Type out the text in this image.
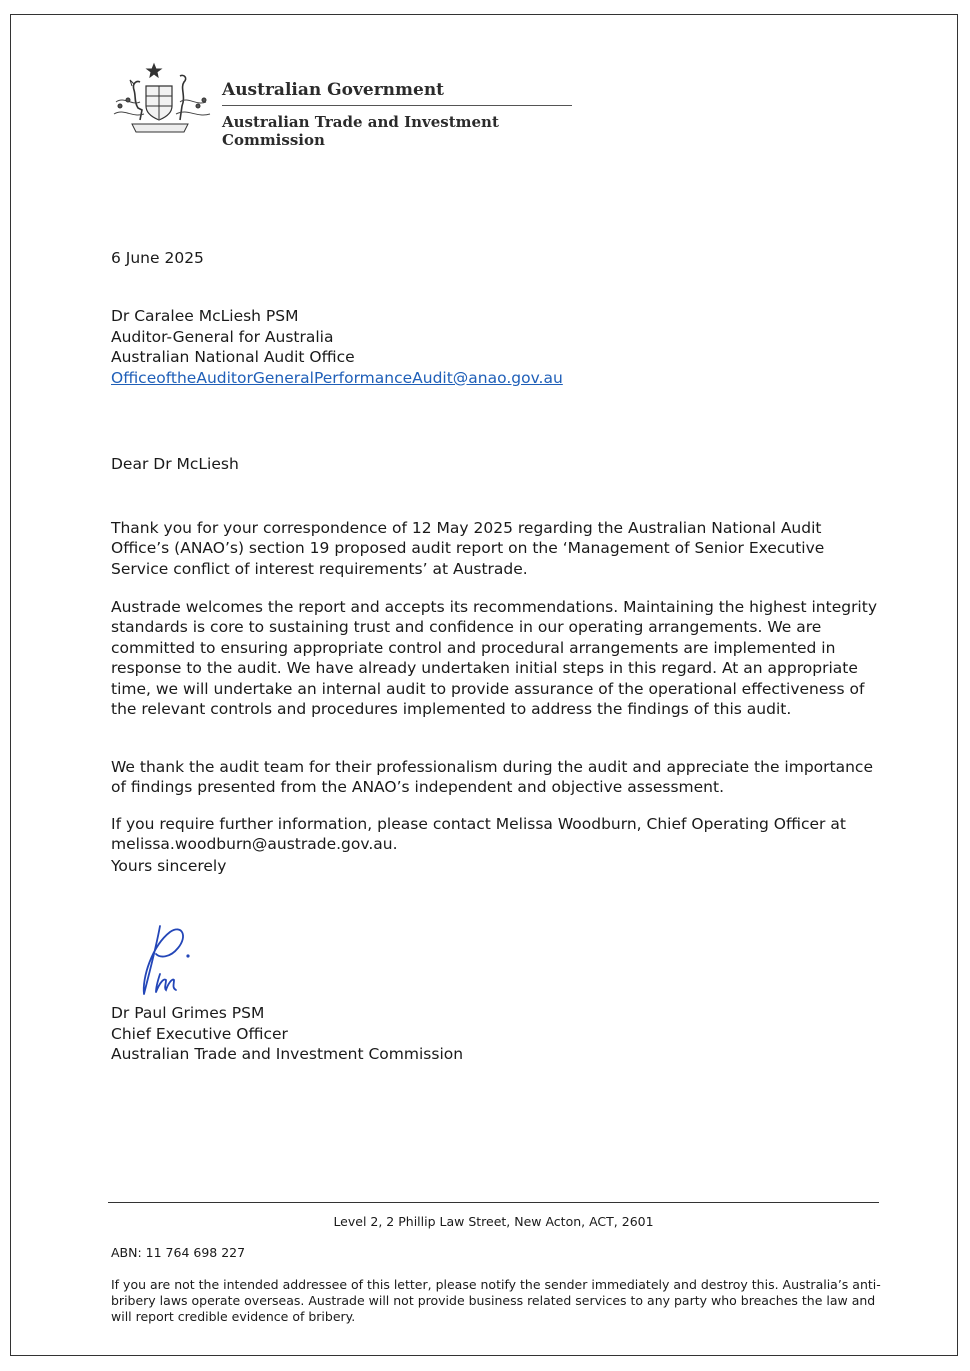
Australian Government
Australian Trade and Investment Commission
6 June 2025

Dr Caralee McLiesh PSM

Auditor-General for Australia

Australian National Audit Office

OfficeoftheAuditorGeneralPerformanceAudit@anao.gov.au

Dear Dr McLiesh

Thank you for your correspondence of 12 May 2025 regarding the Australian National Audit Office’s (ANAO’s) section 19 proposed audit report on the ‘Management of Senior Executive Service conflict of interest requirements’ at Austrade.

Austrade welcomes the report and accepts its recommendations. Maintaining the highest integrity standards is core to sustaining trust and confidence in our operating arrangements. We are committed to ensuring appropriate control and procedural arrangements are implemented in response to the audit. We have already undertaken initial steps in this regard. At an appropriate time, we will undertake an internal audit to provide assurance of the operational effectiveness of the relevant controls and procedures implemented to address the findings of this audit.

We thank the audit team for their professionalism during the audit and appreciate the importance of findings presented from the ANAO’s independent and objective assessment.

If you require further information, please contact Melissa Woodburn, Chief Operating Officer at melissa.woodburn@austrade.gov.au.

Yours sincerely

Dr Paul Grimes PSM

Chief Executive Officer

Australian Trade and Investment Commission

Level 2, 2 Phillip Law Street, New Acton, ACT, 2601
ABN: 11 764 698 227
If you are not the intended addressee of this letter, please notify the sender immediately and destroy this. Australia’s anti-bribery laws operate overseas. Austrade will not provide business related services to any party who breaches the law and will report credible evidence of bribery.
